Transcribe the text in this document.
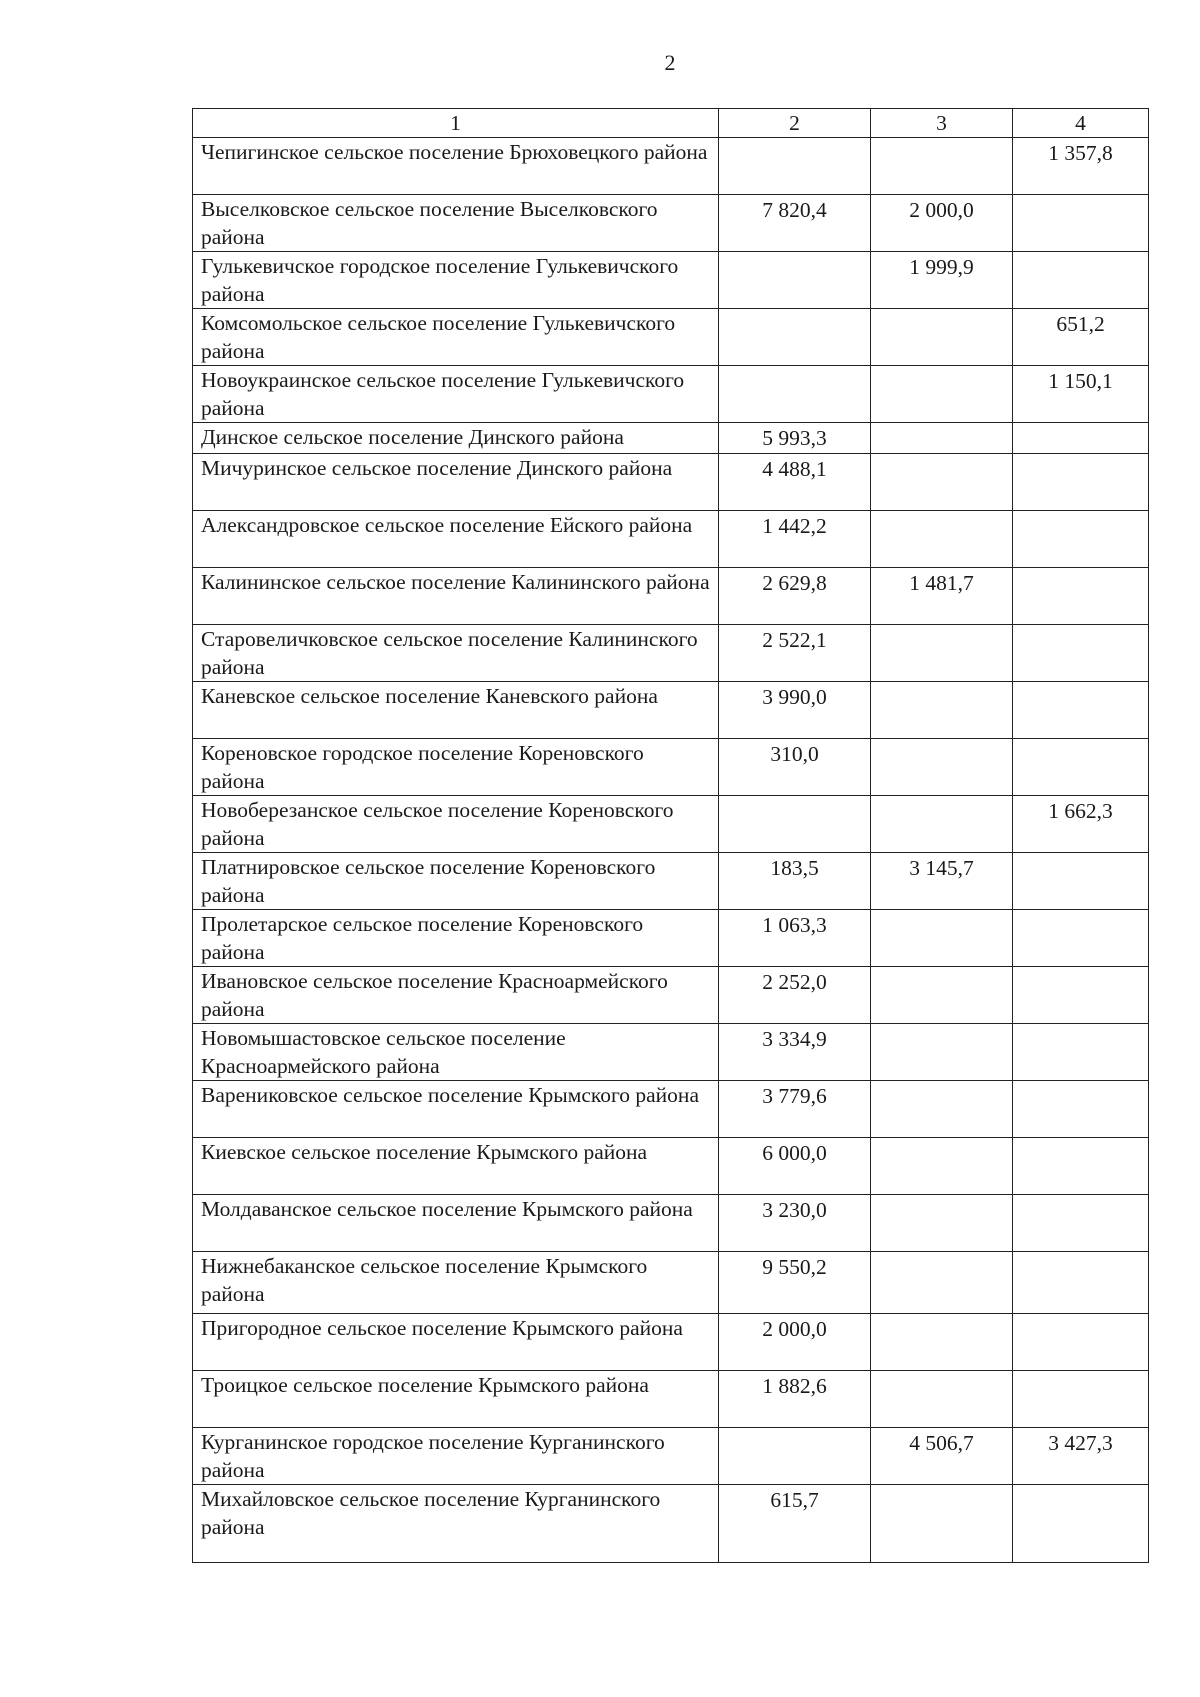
2
1	2	3	4
Чепигинское сельское поселение Брюховецкого района			1 357,8
Выселковское сельское поселение Выселковского района	7 820,4	2 000,0	
Гулькевичское городское поселение Гулькевичского района		1 999,9	
Комсомольское сельское поселение Гулькевичского района			651,2
Новоукраинское сельское поселение Гулькевичского района			1 150,1
Динское сельское поселение Динского района	5 993,3		
Мичуринское сельское поселение Динского района	4 488,1		
Александровское сельское поселение Ейского района	1 442,2		
Калининское сельское поселение Калининского района	2 629,8	1 481,7	
Старовеличковское сельское поселение Калининского района	2 522,1		
Каневское сельское поселение Каневского района	3 990,0		
Кореновское городское поселение Кореновского района	310,0		
Новоберезанское сельское поселение Кореновского района			1 662,3
Платнировское сельское поселение Кореновского района	183,5	3 145,7	
Пролетарское сельское поселение Кореновского района	1 063,3		
Ивановское сельское поселение Красноармейского района	2 252,0		
Новомышастовское сельское поселение Красноармейского района	3 334,9		
Варениковское сельское поселение Крымского района	3 779,6		
Киевское сельское поселение Крымского района	6 000,0		
Молдаванское сельское поселение Крымского района	3 230,0		
Нижнебаканское сельское поселение Крымского района	9 550,2		
Пригородное сельское поселение Крымского района	2 000,0		
Троицкое сельское поселение Крымского района	1 882,6		
Курганинское городское поселение Курганинского района		4 506,7	3 427,3
Михайловское сельское поселение Курганинского района	615,7		
